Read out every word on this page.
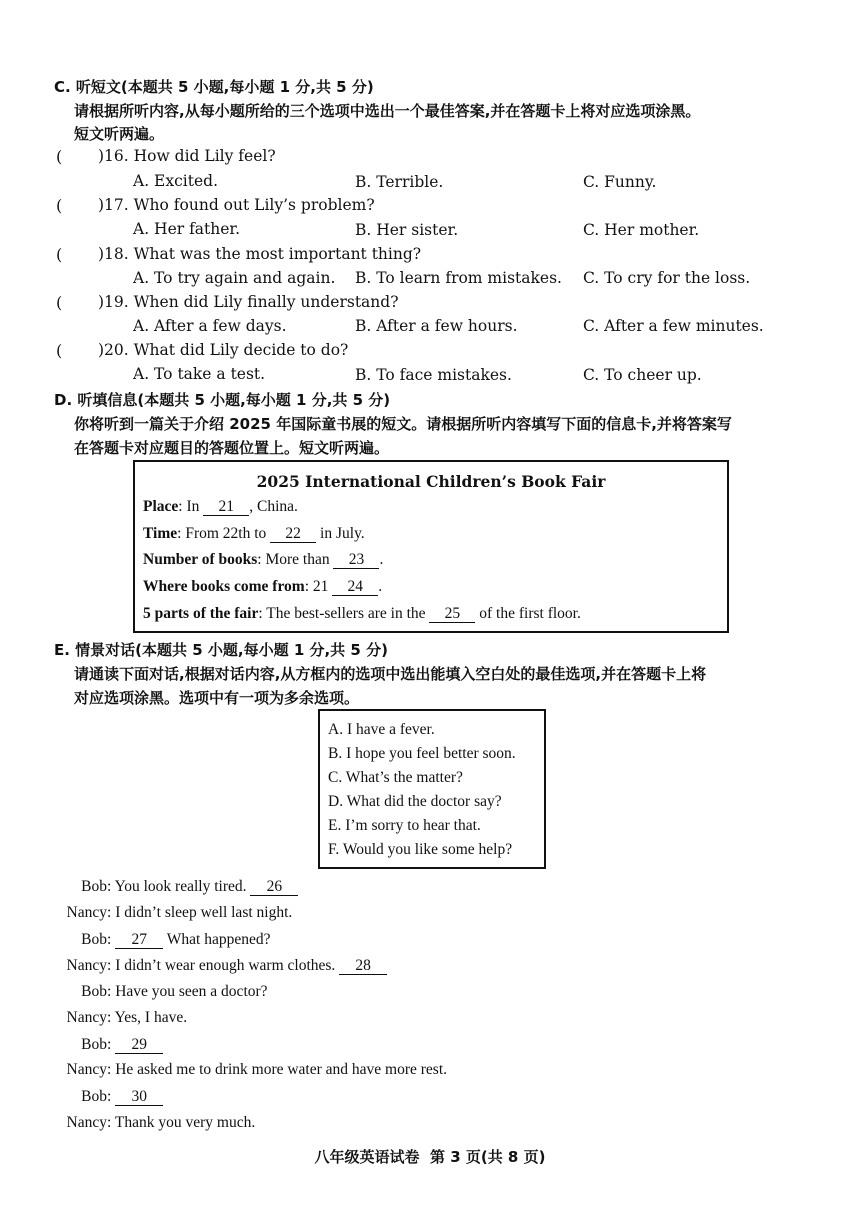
C. 听短文(本题共 5 小题,每小题 1 分,共 5 分)
请根据所听内容,从每小题所给的三个选项中选出一个最佳答案,并在答题卡上将对应选项涂黑。
短文听两遍。
( )16. How did Lily feel?
A. Excited.	B. Terrible.	C. Funny.
( )17. Who found out Lily’s problem?
A. Her father.	B. Her sister.	C. Her mother.
( )18. What was the most important thing?
A. To try again and again. B. To learn from mistakes. C. To cry for the loss.
( )19. When did Lily finally understand?
A. After a few days.	B. After a few hours.	C. After a few minutes.
( )20. What did Lily decide to do?
A. To take a test.	B. To face mistakes.	C. To cheer up.
D. 听填信息(本题共 5 小题,每小题 1 分,共 5 分)
你将听到一篇关于介绍 2025 年国际童书展的短文。请根据所听内容填写下面的信息卡,并将答案写
在答题卡对应题目的答题位置上。短文听两遍。
2025 International Children’s Book Fair
Place: In 21 , China.
Time: From 22th to 22 in July.
Number of books: More than 23 .
Where books come from: 21 24 .
5 parts of the fair: The best-sellers are in the 25 of the first floor.
E. 情景对话(本题共 5 小题,每小题 1 分,共 5 分)
请通读下面对话,根据对话内容,从方框内的选项中选出能填入空白处的最佳选项,并在答题卡上将
对应选项涂黑。选项中有一项为多余选项。
A. I have a fever.
B. I hope you feel better soon.
C. What’s the matter?
D. What did the doctor say?
E. I’m sorry to hear that.
F. Would you like some help?
Bob: You look really tired. 26
Nancy: I didn’t sleep well last night.
Bob: 27 What happened?
Nancy: I didn’t wear enough warm clothes. 28
Bob: Have you seen a doctor?
Nancy: Yes, I have.
Bob: 29
Nancy: He asked me to drink more water and have more rest.
Bob: 30
Nancy: Thank you very much.
八年级英语试卷  第 3 页(共 8 页)
